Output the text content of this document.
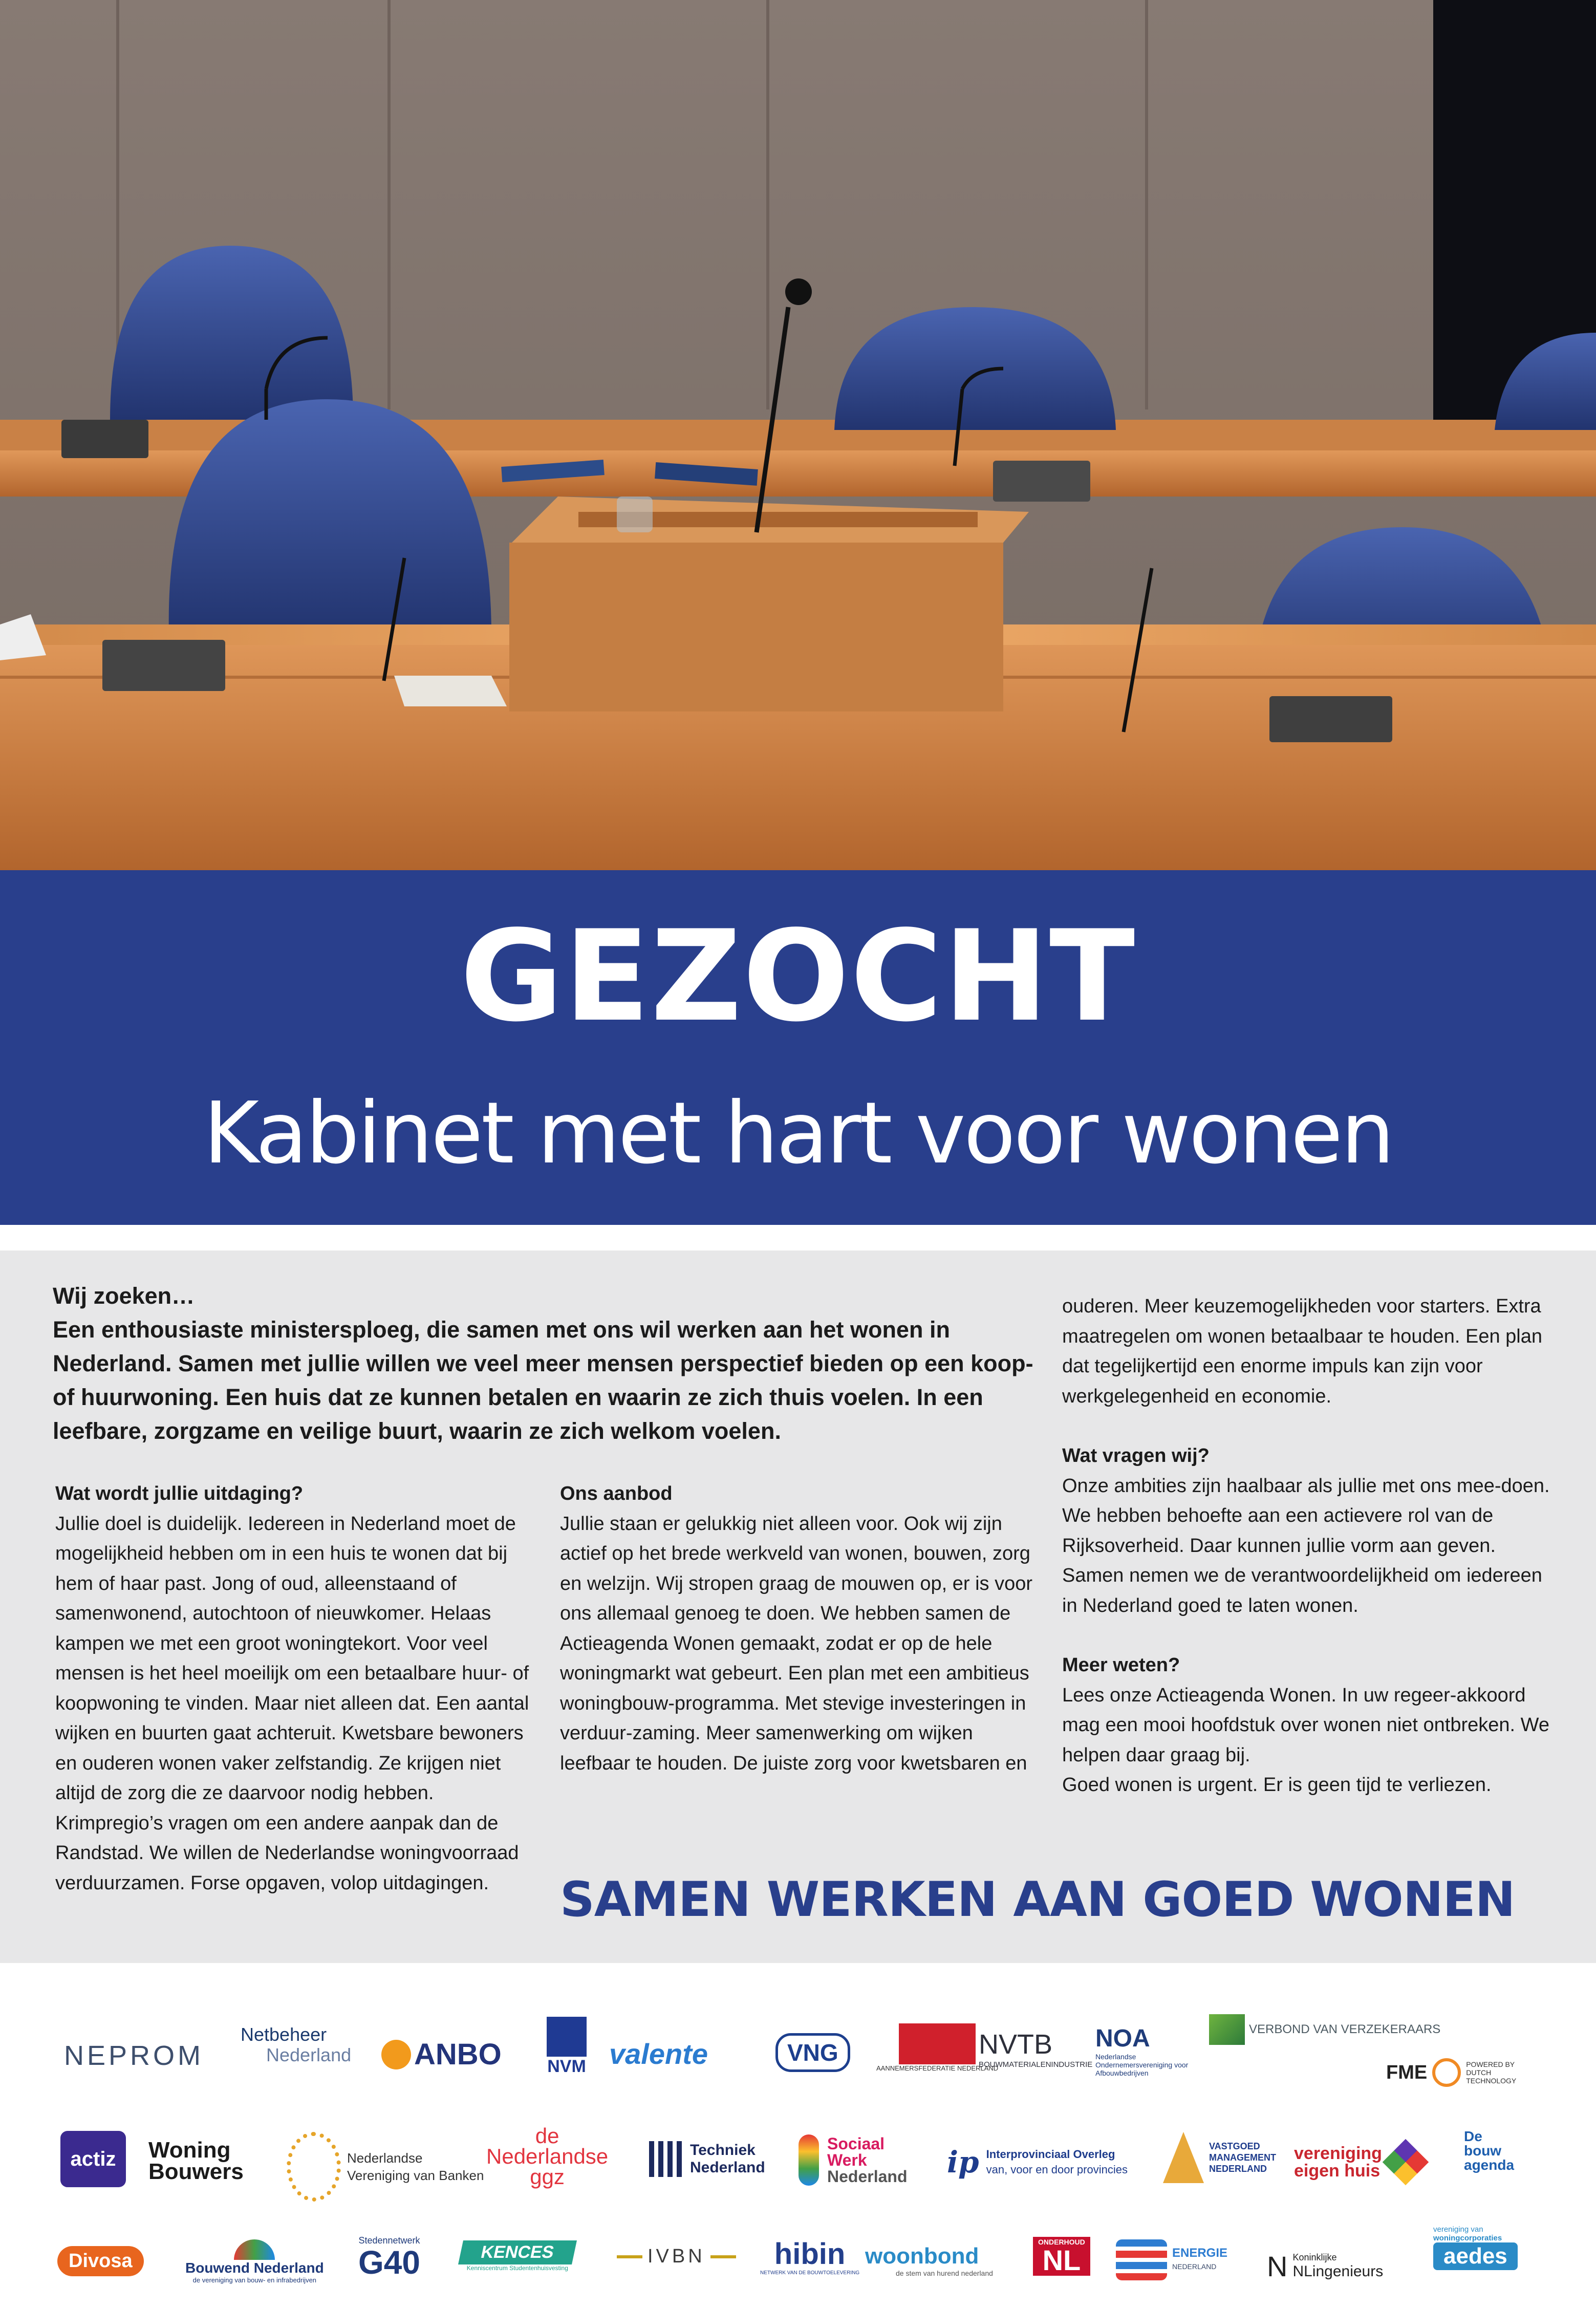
GEZOCHT
Kabinet met hart voor wonen

Wij zoeken…

Een enthousiaste ministersploeg, die samen met ons wil werken aan het wonen in Nederland. Samen met jullie willen we veel meer mensen perspectief bieden op een koop- of huurwoning. Een huis dat ze kunnen betalen en waarin ze zich thuis voelen. In een leefbare, zorgzame en veilige buurt, waarin ze zich welkom voelen.

Wat wordt jullie uitdaging?

Jullie doel is duidelijk. Iedereen in Nederland moet de mogelijkheid hebben om in een huis te wonen dat bij hem of haar past. Jong of oud, alleenstaand of samenwonend, autochtoon of nieuwkomer. Helaas kampen we met een groot woningtekort. Voor veel mensen is het heel moeilijk om een betaalbare huur- of koopwoning te vinden. Maar niet alleen dat. Een aantal wijken en buurten gaat achteruit. Kwetsbare bewoners en ouderen wonen vaker zelfstandig. Ze krijgen niet altijd de zorg die ze daarvoor nodig hebben. Krimpregio’s vragen om een andere aanpak dan de Randstad. We willen de Nederlandse woningvoorraad verduurzamen. Forse opgaven, volop uitdagingen.

Ons aanbod

Jullie staan er gelukkig niet alleen voor. Ook wij zijn actief op het brede werkveld van wonen, bouwen, zorg en welzijn. Wij stropen graag de mouwen op, er is voor ons allemaal genoeg te doen. We hebben samen de Actieagenda Wonen gemaakt, zodat er op de hele woningmarkt wat gebeurt. Een plan met een ambitieus woningbouw-programma. Met stevige investeringen in verduur-zaming. Meer samenwerking om wijken leefbaar te houden. De juiste zorg voor kwetsbaren en

ouderen. Meer keuzemogelijkheden voor starters. Extra maatregelen om wonen betaalbaar te houden. Een plan dat tegelijkertijd een enorme impuls kan zijn voor werkgelegenheid en economie.

Wat vragen wij?

Onze ambities zijn haalbaar als jullie met ons mee-doen. We hebben behoefte aan een actievere rol van de Rijksoverheid. Daar kunnen jullie vorm aan geven. Samen nemen we de verantwoordelijkheid om iedereen in Nederland goed te laten wonen.

Meer weten?

Lees onze Actieagenda Wonen. In uw regeer-akkoord mag een mooi hoofdstuk over wonen niet ontbreken. We helpen daar graag bij.

Goed wonen is urgent. Er is geen tijd te verliezen.

SAMEN WERKEN AAN GOED WONEN
NEPROM
Netbeheer
Nederland ANBO	NVM valente	VNG
AANNEMERSFEDERATIE NEDERLAND
NVTB
BOUWMATERIALENINDUSTRIE
NOA
Nederlandse Ondernemersvereniging voor Afbouwbedrijven
VERBOND VAN VERZEKERAARS
FME	POWERED BY DUTCH TECHNOLOGY
actiz Woning
Bouwers
Nederlandse
Vereniging van Banken
de
Nederlandse
ggz
Techniek
Nederland
Sociaal
Werk
Nederland ip Interprovinciaal Overleg
van, voor en door provincies
VASTGOED
MANAGEMENT
NEDERLAND
vereniging
eigen huis
De
bouw
agenda
Divosa	Bouwend Nederland
de vereniging van bouw- en infrabedrijven
Stedennetwerk
G40	KENCES
Kenniscentrum Studentenhuisvesting
IVBN hibin
NETWERK VAN DE BOUWTOELEVERING
woonbond
de stem van hurend nederland
ONDERHOUD
NL	ENERGIE
NEDERLAND	N Koninklijke
NLingenieurs
vereniging van
woningcorporaties
aedes
